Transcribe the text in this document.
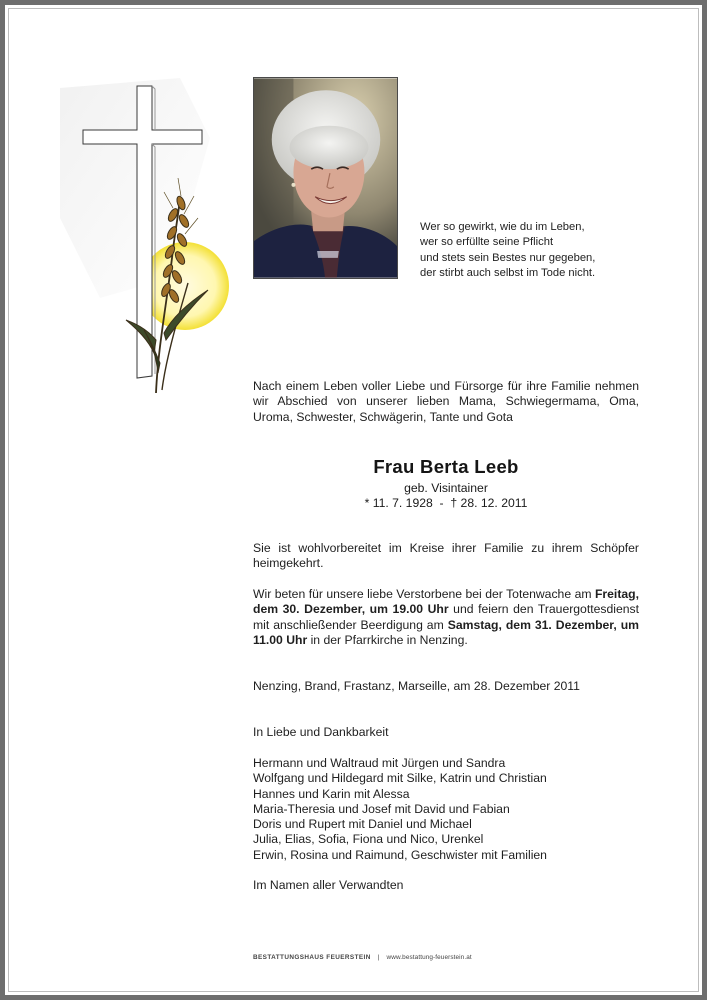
Wer so gewirkt, wie du im Leben,
wer so erfüllte seine Pflicht
und stets sein Bestes nur gegeben,
der stirbt auch selbst im Tode nicht.
Nach einem Leben voller Liebe und Fürsorge für ihre Familie nehmen wir Abschied von unserer lieben Mama, Schwiegermama, Oma, Uroma, Schwester, Schwägerin, Tante und Gota
Frau Berta Leeb
geb. Visintainer
* 11. 7. 1928  -  † 28. 12. 2011
Sie ist wohlvorbereitet im Kreise ihrer Familie zu ihrem Schöpfer heimgekehrt.
Wir beten für unsere liebe Verstorbene bei der Totenwache am Freitag, dem 30. Dezember, um 19.00 Uhr und feiern den Trauergottesdienst mit anschließender Beerdigung am Samstag, dem 31. Dezember, um 11.00 Uhr in der Pfarrkirche in Nenzing.
Nenzing, Brand, Frastanz, Marseille, am 28. Dezember 2011
In Liebe und Dankbarkeit
Hermann und Waltraud mit Jürgen und Sandra
Wolfgang und Hildegard mit Silke, Katrin und Christian
Hannes und Karin mit Alessa
Maria-Theresia und Josef mit David und Fabian
Doris und Rupert mit Daniel und Michael
Julia, Elias, Sofia, Fiona und Nico, Urenkel
Erwin, Rosina und Raimund, Geschwister mit Familien
Im Namen aller Verwandten
BESTATTUNGSHAUS FEUERSTEIN | www.bestattung-feuerstein.at
